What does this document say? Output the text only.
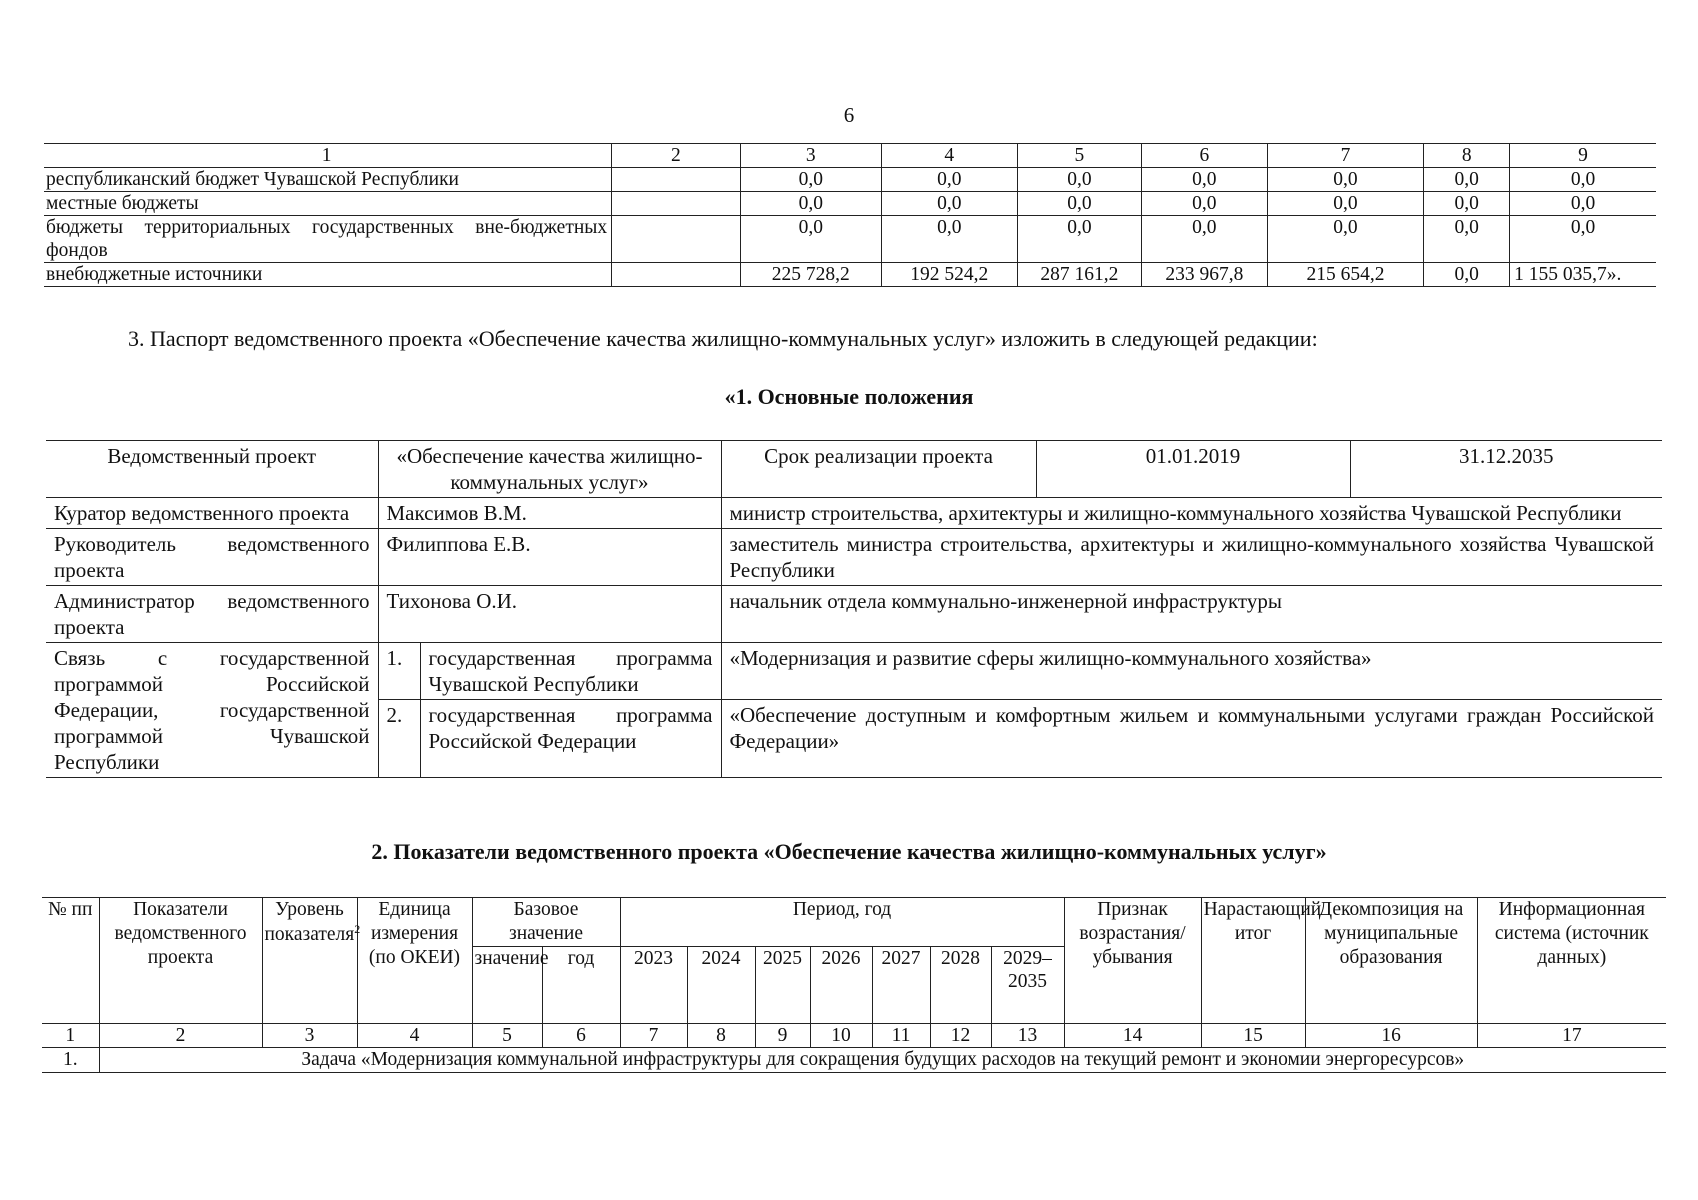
6
1	2	3	4	5	6	7	8	9
республиканский бюджет Чувашской Республики		0,0	0,0	0,0	0,0	0,0	0,0	0,0
местные бюджеты		0,0	0,0	0,0	0,0	0,0	0,0	0,0
бюджеты территориальных государственных вне-бюджетных фондов		0,0	0,0	0,0	0,0	0,0	0,0	0,0
внебюджетные источники		225 728,2	192 524,2	287 161,2	233 967,8	215 654,2	0,0	1 155 035,7».
3. Паспорт ведомственного проекта «Обеспечение качества жилищно-коммунальных услуг» изложить в следующей редакции:
«1. Основные положения
Ведомственный проект	«Обеспечение качества жилищно-коммунальных услуг»		Срок реализации проекта	01.01.2019	31.12.2035
Куратор ведомственного проекта	Максимов В.М.		министр строительства, архитектуры и жилищно-коммунального хозяйства Чувашской Республики		
Руководитель ведомственного проекта	Филиппова Е.В.		заместитель министра строительства, архитектуры и жилищно-коммунального хозяйства Чувашской Республики		
Администратор ведомственного проекта	Тихонова О.И.		начальник отдела коммунально-инженерной инфраструктуры		
Связь с государственной программой Российской Федерации, государственной программой Чувашской Республики	1.	государственная программа Чувашской Республики	«Модернизация и развитие сферы жилищно-коммунального хозяйства»		
	2.	государственная программа Российской Федерации	«Обеспечение доступным и комфортным жильем и коммунальными услугами граждан Российской Федерации»		
2. Показатели ведомственного проекта «Обеспечение качества жилищно-коммунальных услуг»
№ пп	Показатели ведомственного проекта	Уровень показателя$^2$	Единица измерения (по ОКЕИ)	Базовое значение		Период, год							Признак возрастания/убывания	Нарастающий итог	Декомпозиция на муниципальные образования	Информационная система (источник данных)
				значение	год	2023	2024	2025	2026	2027	2028	2029–2035				
1	2	3	4	5	6	7	8	9	10	11	12	13	14	15	16	17
1.	Задача «Модернизация коммунальной инфраструктуры для сокращения будущих расходов на текущий ремонт и экономии энергоресурсов»															
